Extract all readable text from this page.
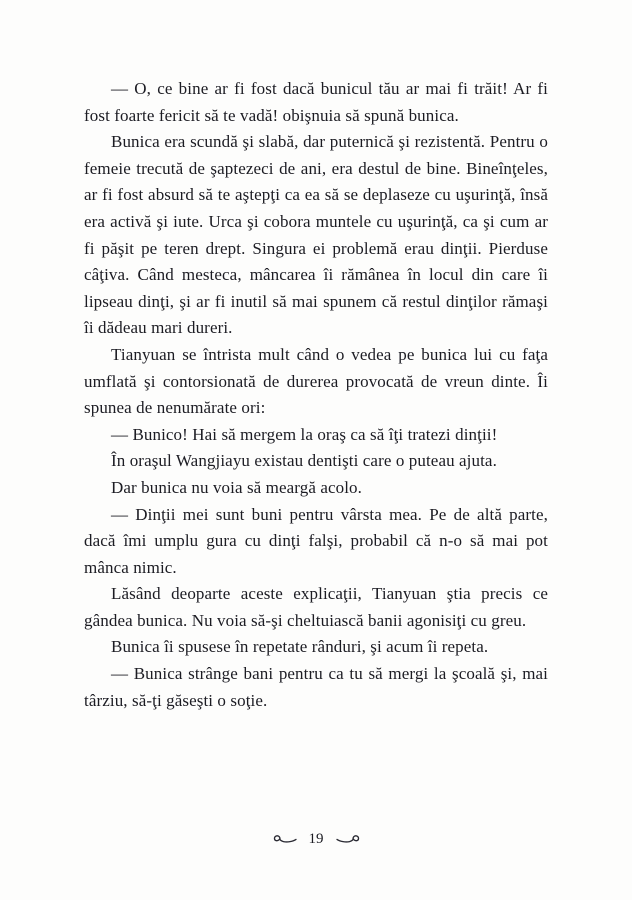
— O, ce bine ar fi fost dacă bunicul tău ar mai fi trăit! Ar fi fost foarte fericit să te vadă! obişnuia să spună bunica.

Bunica era scundă şi slabă, dar puternică şi rezistentă. Pentru o femeie trecută de şaptezeci de ani, era destul de bine. Bineînţeles, ar fi fost absurd să te aştepţi ca ea să se deplaseze cu uşurinţă, însă era activă şi iute. Urca şi cobora muntele cu uşurinţă, ca şi cum ar fi păşit pe teren drept. Singura ei problemă erau dinţii. Pierduse câţiva. Când mesteca, mâncarea îi rămânea în locul din care îi lipseau dinţi, şi ar fi inutil să mai spunem că restul dinţilor rămaşi îi dădeau mari dureri.

Tianyuan se întrista mult când o vedea pe bunica lui cu faţa umflată şi contorsionată de durerea provocată de vreun dinte. Îi spunea de nenumărate ori:

— Bunico! Hai să mergem la oraş ca să îţi tratezi dinţii!

În oraşul Wangjiayu existau dentişti care o puteau ajuta.

Dar bunica nu voia să meargă acolo.

— Dinţii mei sunt buni pentru vârsta mea. Pe de altă parte, dacă îmi umplu gura cu dinţi falşi, probabil că n-o să mai pot mânca nimic.

Lăsând deoparte aceste explicaţii, Tianyuan ştia precis ce gândea bunica. Nu voia să-şi cheltuiască banii agonisiţi cu greu.

Bunica îi spusese în repetate rânduri, şi acum îi repeta.

— Bunica strânge bani pentru ca tu să mergi la şcoală şi, mai târziu, să-ţi găseşti o soţie.

19
